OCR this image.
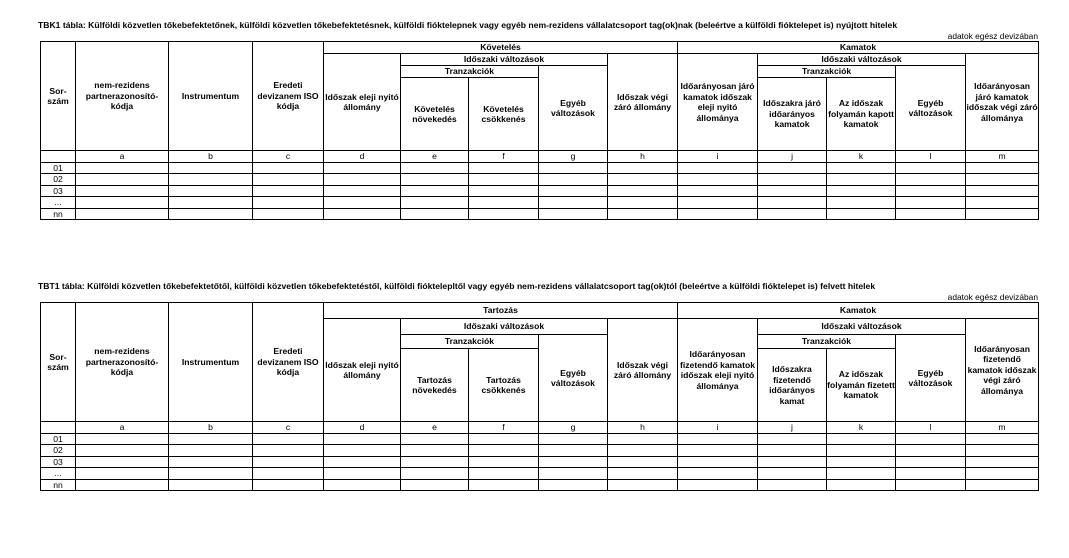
TBK1 tábla: Külföldi közvetlen tőkebefektetőnek, külföldi közvetlen tőkebefektetésnek, külföldi fióktelepnek vagy egyéb nem-rezidens vállalatcsoport tag(ok)nak (beleértve a külföldi fióktelepet is) nyújtott hitelek
adatok egész devizában
Sor-szám	nem-rezidens partnerazonosító-kódja	Instrumentum	Eredeti devizanem ISO kódja	Követelés					Kamatok				
				Időszak eleji nyitó állomány	Időszaki változások			Időszak végi záró állomány	Időarányosan járó kamatok időszak eleji nyitó állománya	Időszaki változások			Időarányosan járó kamatok időszak végi záró állománya
					Tranzakciók		Egyéb változások			Tranzakciók		Egyéb változások	
					Követelés növekedés	Követelés csökkenés				Időszakra járó időarányos kamatok	Az időszak folyamán kapott kamatok		
	a	b	c	d	e	f	g	h	i	j	k	l	m
01													
02													
03													
...													
nn													
TBT1 tábla: Külföldi közvetlen tőkebefektetőtől, külföldi közvetlen tőkebefektetéstől, külföldi fióktelepltől vagy egyéb nem-rezidens vállalatcsoport tag(ok)tól (beleértve a külföldi fióktelepet is) felvett hitelek
adatok egész devizában
Sor-szám	nem-rezidens partnerazonosító-kódja	Instrumentum	Eredeti devizanem ISO kódja	Tartozás					Kamatok				
				Időszak eleji nyitó állomány	Időszaki változások			Időszak végi záró állomány	Időarányosan fizetendő kamatok időszak eleji nyitó állománya	Időszaki változások			Időarányosan fizetendő kamatok időszak végi záró állománya
					Tranzakciók		Egyéb változások			Tranzakciók		Egyéb változások	
					Tartozás növekedés	Tartozás csökkenés				Időszakra fizetendő időarányos kamat	Az időszak folyamán fizetett kamatok		
	a	b	c	d	e	f	g	h	i	j	k	l	m
01													
02													
03													
...													
nn													
